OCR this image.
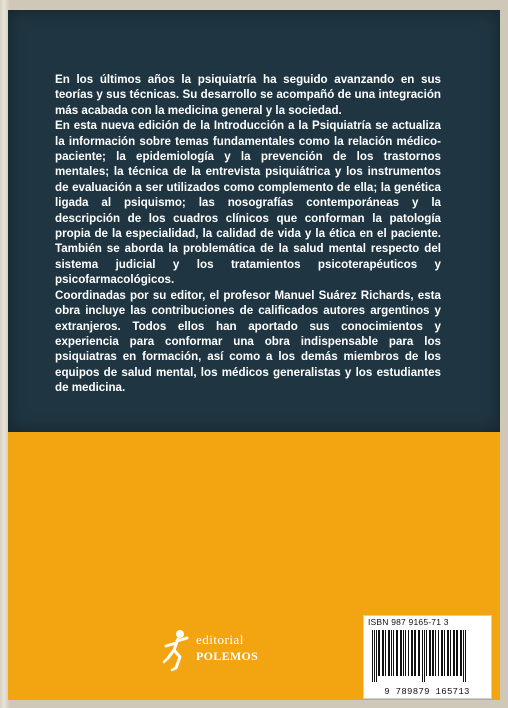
En los últimos años la psiquiatría ha seguido avanzando en sus teorías y sus técnicas. Su desarrollo se acompañó de una integración más acabada con la medicina general y la sociedad.

En esta nueva edición de la Introducción a la Psiquiatría se actualiza la información sobre temas fundamentales como la relación médico-paciente; la epidemiología y la prevención de los trastornos mentales; la técnica de la entrevista psiquiátrica y los instrumentos de evaluación a ser utilizados como complemento de ella; la genética ligada al psiquismo; las nosografías contemporáneas y la descripción de los cuadros clínicos que conforman la patología propia de la especialidad, la calidad de vida y la ética en el paciente. También se aborda la problemática de la salud mental respecto del sistema judicial y los tratamientos psicoterapéuticos y psicofarmacológicos.

Coordinadas por su editor, el profesor Manuel Suárez Richards, esta obra incluye las contribuciones de calificados autores argentinos y extranjeros. Todos ellos han aportado sus conocimientos y experiencia para conformar una obra indispensable para los psiquiatras en formación, así como a los demás miembros de los equipos de salud mental, los médicos generalistas y los estudiantes de medicina.

editorial
POLEMOS
ISBN 987 9165-71 3
9 789879 165713
